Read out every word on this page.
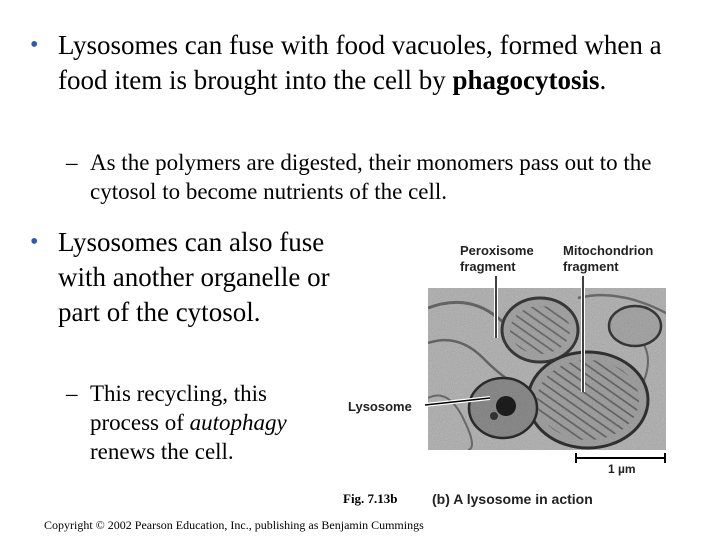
• Lysosomes can fuse with food vacuoles, formed when a food item is brought into the cell by phagocytosis.
– As the polymers are digested, their monomers pass out to the cytosol to become nutrients of the cell.
• Lysosomes can also fuse with another organelle or part of the cytosol.
– This recycling, this process of autophagy renews the cell.
Peroxisome fragment
Mitochondrion fragment
Lysosome
1 µm
Fig. 7.13b (b) A lysosome in action
Copyright © 2002 Pearson Education, Inc., publishing as Benjamin Cummings
